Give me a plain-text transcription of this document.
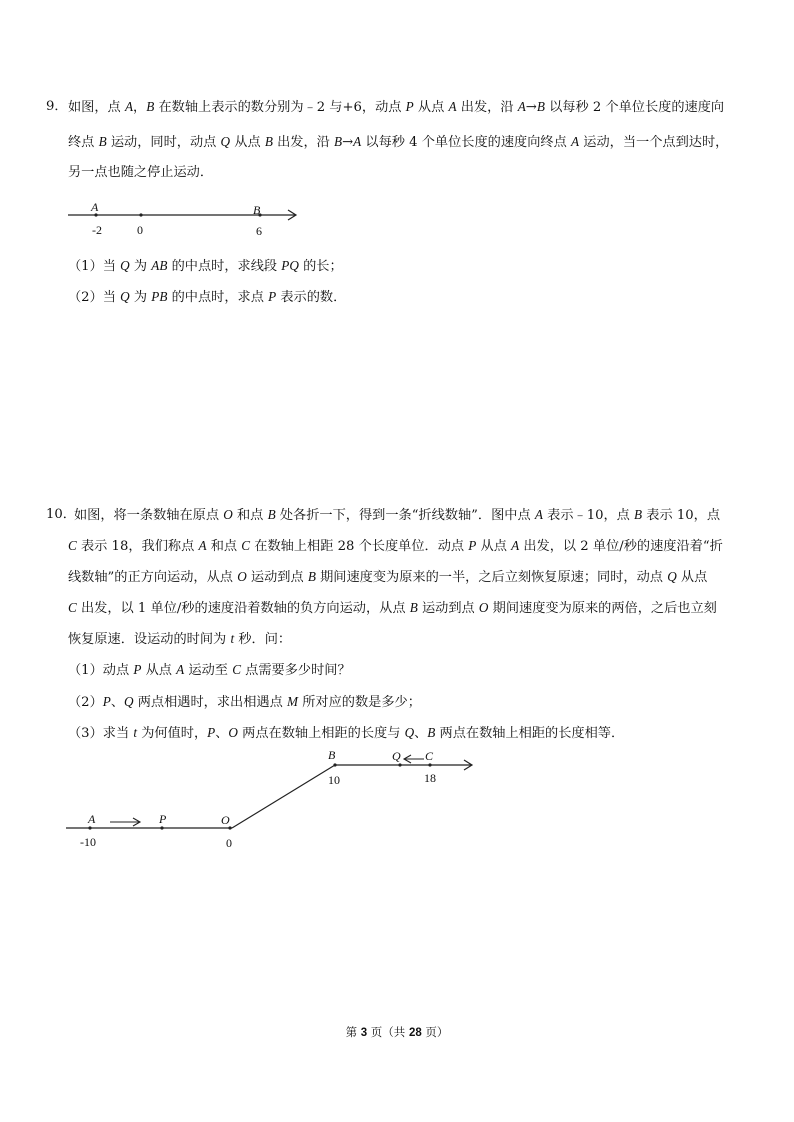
9． 如图，点 A，B 在数轴上表示的数分别为﹣2 与+6，动点 P 从点 A 出发，沿 A→B 以每秒 2 个单位长度的速度向
终点 B 运动，同时，动点 Q 从点 B 出发，沿 B→A 以每秒 4 个单位长度的速度向终点 A 运动，当一个点到达时，
另一点也随之停止运动．
A	B
-2	0	6
（1）当 Q 为 AB 的中点时，求线段 PQ 的长；
（2）当 Q 为 PB 的中点时，求点 P 表示的数．
10．
如图，将一条数轴在原点 O 和点 B 处各折一下，得到一条“折线数轴”．图中点 A 表示﹣10，点 B 表示 10，点
C 表示 18，我们称点 A 和点 C 在数轴上相距 28 个长度单位．动点 P 从点 A 出发，以 2 单位/秒的速度沿着“折
线数轴”的正方向运动，从点 O 运动到点 B 期间速度变为原来的一半，之后立刻恢复原速；同时，动点 Q 从点
C 出发，以 1 单位/秒的速度沿着数轴的负方向运动，从点 B 运动到点 O 期间速度变为原来的两倍，之后也立刻
恢复原速．设运动的时间为 t 秒．问：
（1）动点 P 从点 A 运动至 C 点需要多少时间？
（2）P、Q 两点相遇时，求出相遇点 M 所对应的数是多少；
（3）求当 t 为何值时，P、O 两点在数轴上相距的长度与 Q、B 两点在数轴上相距的长度相等．
A	P	O
B	Q C
-10	0
10	18
第 3 页（共 28 页）
